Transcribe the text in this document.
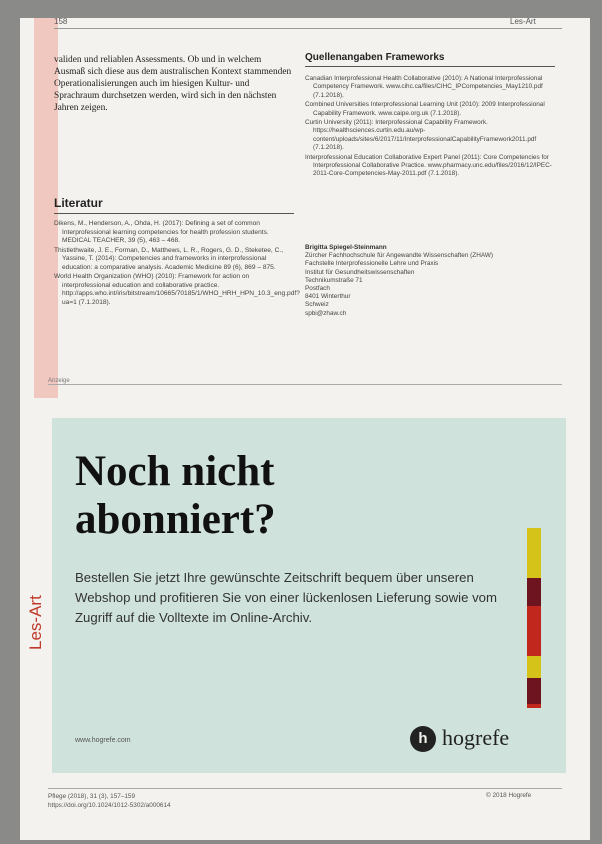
Les-Art
158	Les-Art

validen und reliablen Assessments. Ob und in welchem Ausmaß sich diese aus dem australischen Kontext stammenden Operationalisierungen auch im hiesigen Kultur- und Sprachraum durchsetzen werden, wird sich in den nächsten Jahren zeigen.

Literatur
Dikens, M., Henderson, A., Ohda, H. (2017): Defining a set of common Interprofessional learning competencies for health profession students. MEDICAL TEACHER, 39 (5), 463 – 468.
Thistlethwaite, J. E., Forman, D., Matthews, L. R., Rogers, G. D., Steketee, C., Yassine, T. (2014): Competencies and frameworks in interprofessional education: a comparative analysis. Academic Medicine 89 (6), 869 – 875.
World Health Organization (WHO) (2010): Framework for action on interprofessional education and collaborative practice. http://apps.who.int/iris/bitstream/10665/70185/1/WHO_HRH_HPN_10.3_eng.pdf?ua=1 (7.1.2018).
Quellenangaben Frameworks
Canadian Interprofessional Health Collaborative (2010): A National Interprofessional Competency Framework. www.cihc.ca/files/CIHC_IPCompetencies_May1210.pdf (7.1.2018).
Combined Universities Interprofessional Learning Unit (2010): 2009 Interprofessional Capability Framework. www.caipe.org.uk (7.1.2018).
Curtin University (2011): Interprofessional Capability Framework. https://healthsciences.curtin.edu.au/wp-content/uploads/sites/6/2017/11/InterprofessionalCapabilityFramework2011.pdf (7.1.2018).
Interprofessional Education Collaborative Expert Panel (2011): Core Competencies for Interprofessional Collaborative Practice. www.pharmacy.unc.edu/files/2016/12/IPEC-2011-Core-Competencies-May-2011.pdf (7.1.2018).
Brigitta Spiegel-Steinmann
Zürcher Fachhochschule für Angewandte Wissenschaften (ZHAW)
Fachstelle Interprofessionelle Lehre und Praxis
Institut für Gesundheitswissenschaften
Technikumstraße 71
Postfach
8401 Winterthur
Schweiz
spbi@zhaw.ch
Anzeige
Noch nicht
abonniert?

Bestellen Sie jetzt Ihre gewünschte Zeitschrift bequem über unseren Webshop und profitieren Sie von einer lückenlosen Lieferung sowie vom Zugriff auf die Volltexte im Online-Archiv.

www.hogrefe.com	h hogrefe
Pflege (2018), 31 (3), 157–159
https://doi.org/10.1024/1012-5302/a000614
© 2018 Hogrefe
